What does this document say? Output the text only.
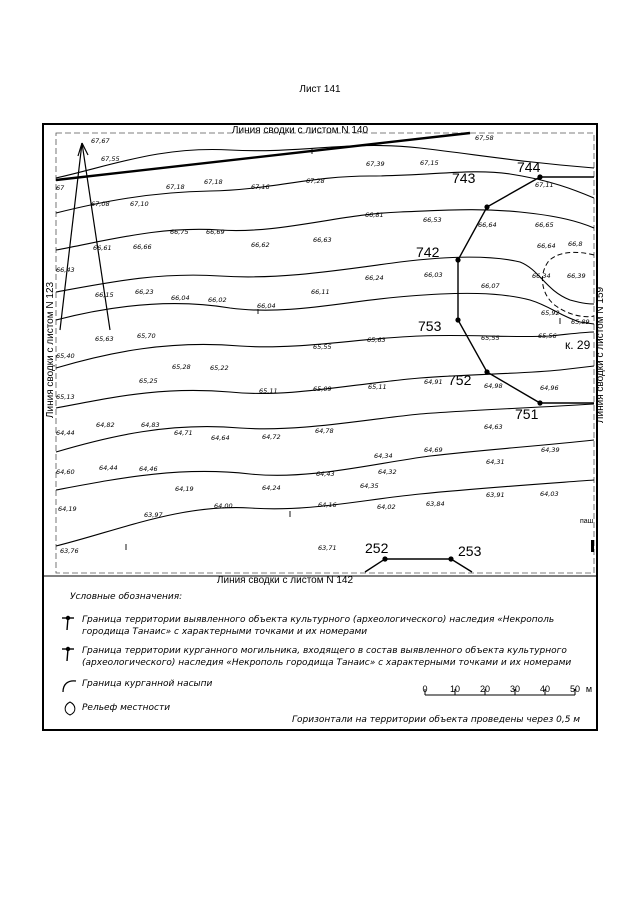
Лист 141
Линия сводки с листом N 140
Линия сводки с листом N 142
Линия сводки с листом N 123	Линия сводки с листом N 159
743
744
742
753
752
751
252	253
к. 29
67,67	67,58
67,55
67,39	67,15
67,11
67,18
67,18
67,16
67,28
67,08	67,10
66,81
66,53
66,64	66,65
66,75	66,69
66,63
66,61	66,66	66,62	66,64
66,24	66,03
66,07
66,34	66,39
66,15	66,23
66,04	66,02
66,04
66,11
65,92
65,89
65,63	65,70
65,55
65,63	65,55	65,56
65,40
65,28	65,22
65,25
65,11	65,09	65,11
64,91	64,98	64,96
65,13
64,82	64,83
64,71
64,64	64,72
64,78	64,63
64,69	64,39
64,34
64,44
64,60	64,44	64,46
64,43	64,32
64,31
64,19	64,24	64,35
63,91	64,03
64,00	64,16	64,02	63,84
63,97
64,19
63,76	63,71
66,8
67
66,43
паш
Условные обозначения:
Граница территории выявленного объекта культурного (археологического) наследия «Некрополь городища Танаис» с характерными точками и их номерами
Граница территории курганного могильника, входящего в состав выявленного объекта культурного (археологического) наследия «Некрополь городища Танаис» с характерными точками и их номерами
Граница курганной насыпи
Рельеф местности
0 10 20 30 40 50 м
Горизонтали на территории объекта проведены через 0,5 м
